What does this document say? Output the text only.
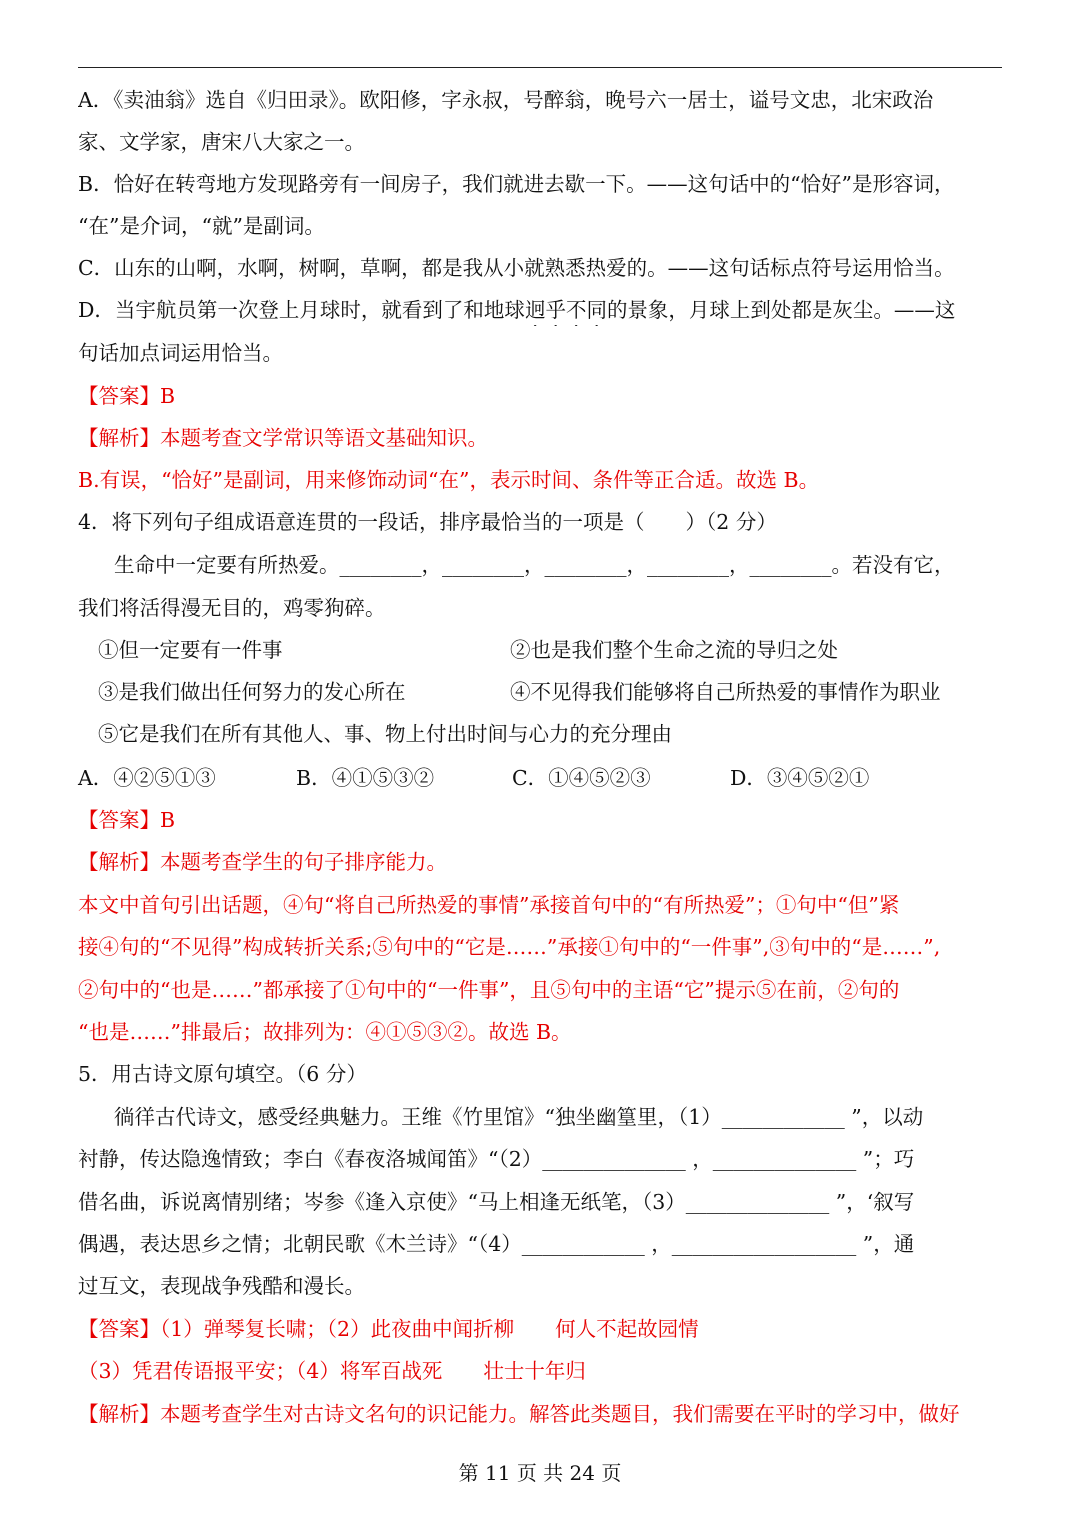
A．《卖油翁》选自《归田录》。欧阳修，字永叔，号醉翁，晚号六一居士，谥号文忠，北宋政治
家、文学家，唐宋八大家之一。
B．恰好在转弯地方发现路旁有一间房子，我们就进去歇一下。——这句话中的“恰好”是形容词，
“在”是介词，“就”是副词。
C．山东的山啊，水啊，树啊，草啊，都是我从小就熟悉热爱的。——这句话标点符号运用恰当。
D．当宇航员第一次登上月球时，就看到了和地球迥乎不同的景象，月球上到处都是灰尘。——这
句话加点词运用恰当。
【答案】B
【解析】本题考查文学常识等语文基础知识。
B.有误，“恰好”是副词，用来修饰动词“在”，表示时间、条件等正合适。故选 B。
4．将下列句子组成语意连贯的一段话，排序最恰当的一项是（　　）（2 分）
生命中一定要有所热爱。________，________，________，________，________。若没有它，
我们将活得漫无目的，鸡零狗碎。
①但一定要有一件事	②也是我们整个生命之流的导归之处
③是我们做出任何努力的发心所在	④不见得我们能够将自己所热爱的事情作为职业
⑤它是我们在所有其他人、事、物上付出时间与心力的充分理由
A．④②⑤①③	B．④①⑤③②	C．①④⑤②③	D．③④⑤②①
【答案】B
【解析】本题考查学生的句子排序能力。
本文中首句引出话题，④句“将自己所热爱的事情”承接首句中的“有所热爱”；①句中“但”紧
接④句的“不见得”构成转折关系;⑤句中的“它是……”承接①句中的“一件事”,③句中的“是……”,
②句中的“也是……”都承接了①句中的“一件事”，且⑤句中的主语“它”提示⑤在前，②句的
“也是……”排最后；故排列为：④①⑤③②。故选 B。
5．用古诗文原句填空。（6 分）
徜徉古代诗文，感受经典魅力。王维《竹里馆》“独坐幽篁里，（1）____________ ”，以动
衬静，传达隐逸情致；李白《春夜洛城闻笛》“（2）______________ ，______________ ”；巧
借名曲，诉说离情别绪；岑参《逢入京使》“马上相逢无纸笔，（3）______________ ”，‘叙写
偶遇，表达思乡之情；北朝民歌《木兰诗》“（4）____________ ，__________________ ”，通
过互文，表现战争残酷和漫长。
【答案】（1）弹琴复长啸；（2）此夜曲中闻折柳　　何人不起故园情
（3）凭君传语报平安；（4）将军百战死　　壮士十年归
【解析】本题考查学生对古诗文名句的识记能力。解答此类题目，我们需要在平时的学习中，做好
第 11 页 共 24 页
